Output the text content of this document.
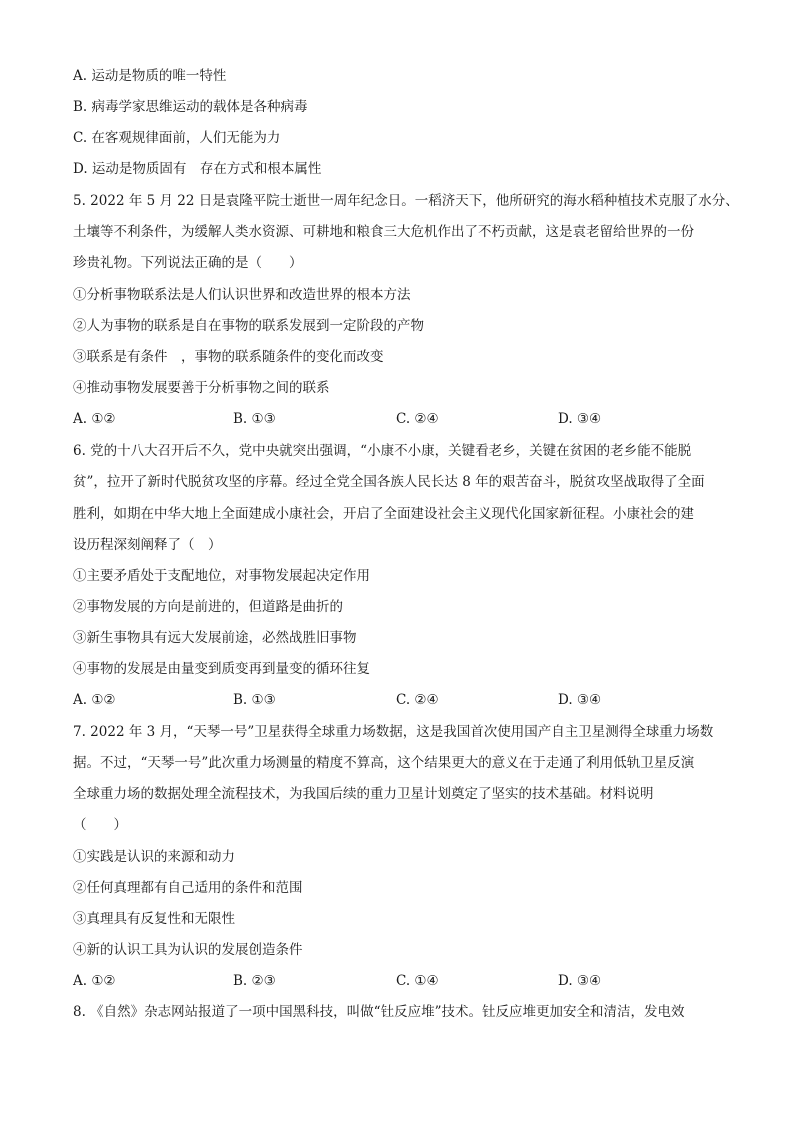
A. 运动是物质的唯一特性

B. 病毒学家思维运动的载体是各种病毒

C. 在客观规律面前，人们无能为力

D. 运动是物质固有　存在方式和根本属性

5. 2022 年 5 月 22 日是袁隆平院士逝世一周年纪念日。一稻济天下，他所研究的海水稻种植技术克服了水分、

土壤等不利条件，为缓解人类水资源、可耕地和粮食三大危机作出了不朽贡献，这是袁老留给世界的一份

珍贵礼物。下列说法正确的是（　　）

①分析事物联系法是人们认识世界和改造世界的根本方法

②人为事物的联系是自在事物的联系发展到一定阶段的产物

③联系是有条件　，事物的联系随条件的变化而改变

④推动事物发展要善于分析事物之间的联系

A. ①②	B. ①③	C. ②④	D. ③④

6. 党的十八大召开后不久，党中央就突出强调，“小康不小康，关键看老乡，关键在贫困的老乡能不能脱

贫”，拉开了新时代脱贫攻坚的序幕。经过全党全国各族人民长达 8 年的艰苦奋斗，脱贫攻坚战取得了全面

胜利，如期在中华大地上全面建成小康社会，开启了全面建设社会主义现代化国家新征程。小康社会的建

设历程深刻阐释了（　）

①主要矛盾处于支配地位，对事物发展起决定作用

②事物发展的方向是前进的，但道路是曲折的

③新生事物具有远大发展前途，必然战胜旧事物

④事物的发展是由量变到质变再到量变的循环往复

A. ①②	B. ①③	C. ②④	D. ③④

7. 2022 年 3 月，“天琴一号”卫星获得全球重力场数据，这是我国首次使用国产自主卫星测得全球重力场数

据。不过，“天琴一号”此次重力场测量的精度不算高，这个结果更大的意义在于走通了利用低轨卫星反演

全球重力场的数据处理全流程技术，为我国后续的重力卫星计划奠定了坚实的技术基础。材料说明

（　　）

①实践是认识的来源和动力

②任何真理都有自己适用的条件和范围

③真理具有反复性和无限性

④新的认识工具为认识的发展创造条件

A. ①②	B. ②③	C. ①④	D. ③④

8. 《自然》杂志网站报道了一项中国黑科技，叫做“钍反应堆”技术。钍反应堆更加安全和清洁，发电效
